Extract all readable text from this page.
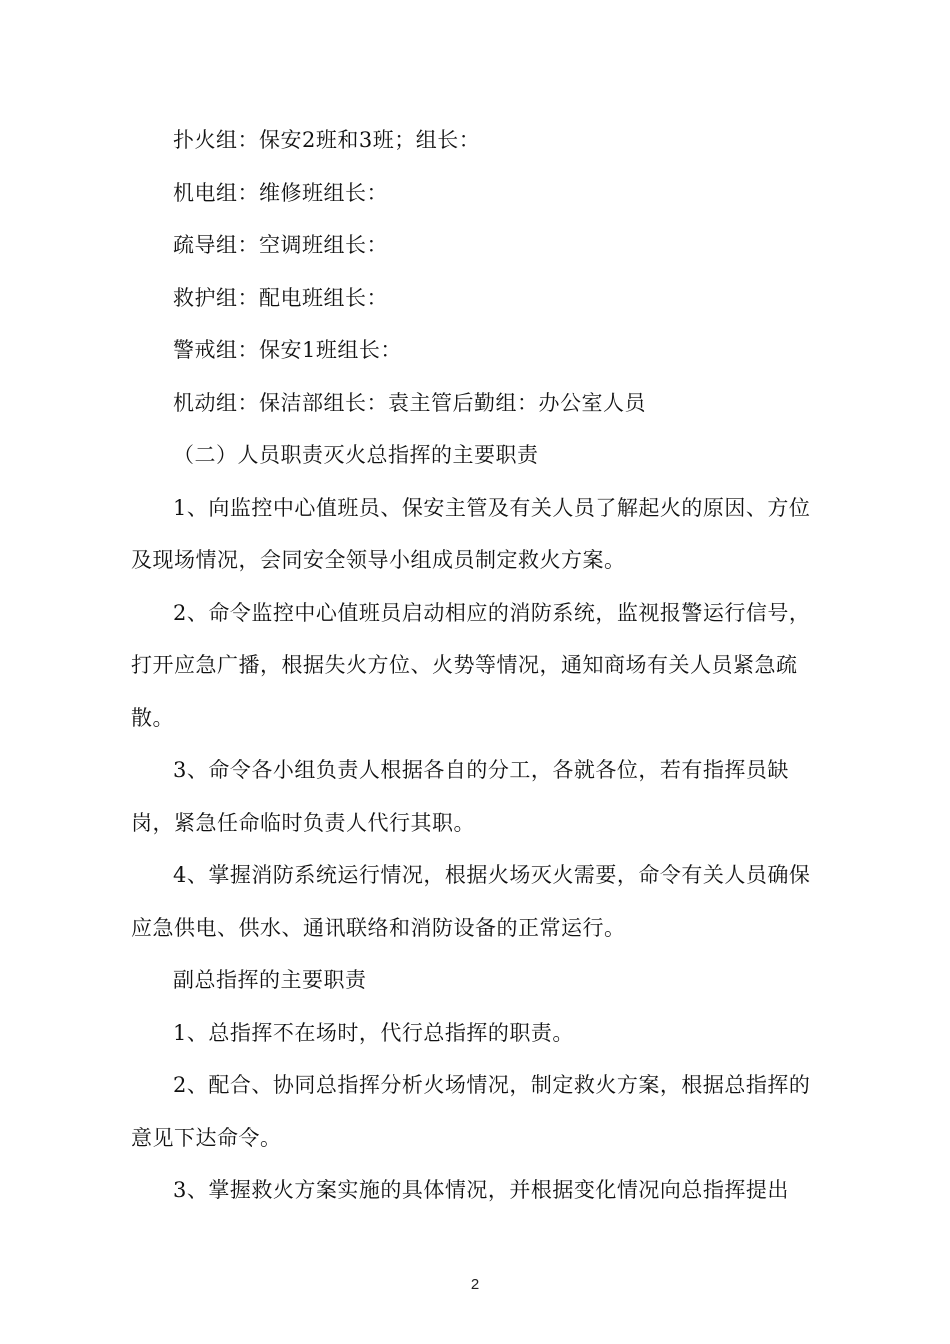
扑火组：保安2班和3班；组长：

机电组：维修班组长：

疏导组：空调班组长：

救护组：配电班组长：

警戒组：保安1班组长：

机动组：保洁部组长：袁主管后勤组：办公室人员

（二）人员职责灭火总指挥的主要职责

1、向监控中心值班员、保安主管及有关人员了解起火的原因、方位及现场情况，会同安全领导小组成员制定救火方案。

2、命令监控中心值班员启动相应的消防系统，监视报警运行信号，打开应急广播，根据失火方位、火势等情况，通知商场有关人员紧急疏散。

3、命令各小组负责人根据各自的分工，各就各位，若有指挥员缺岗，紧急任命临时负责人代行其职。

4、掌握消防系统运行情况，根据火场灭火需要，命令有关人员确保应急供电、供水、通讯联络和消防设备的正常运行。

副总指挥的主要职责

1、总指挥不在场时，代行总指挥的职责。

2、配合、协同总指挥分析火场情况，制定救火方案，根据总指挥的意见下达命令。

3、掌握救火方案实施的具体情况，并根据变化情况向总指挥提出

2
